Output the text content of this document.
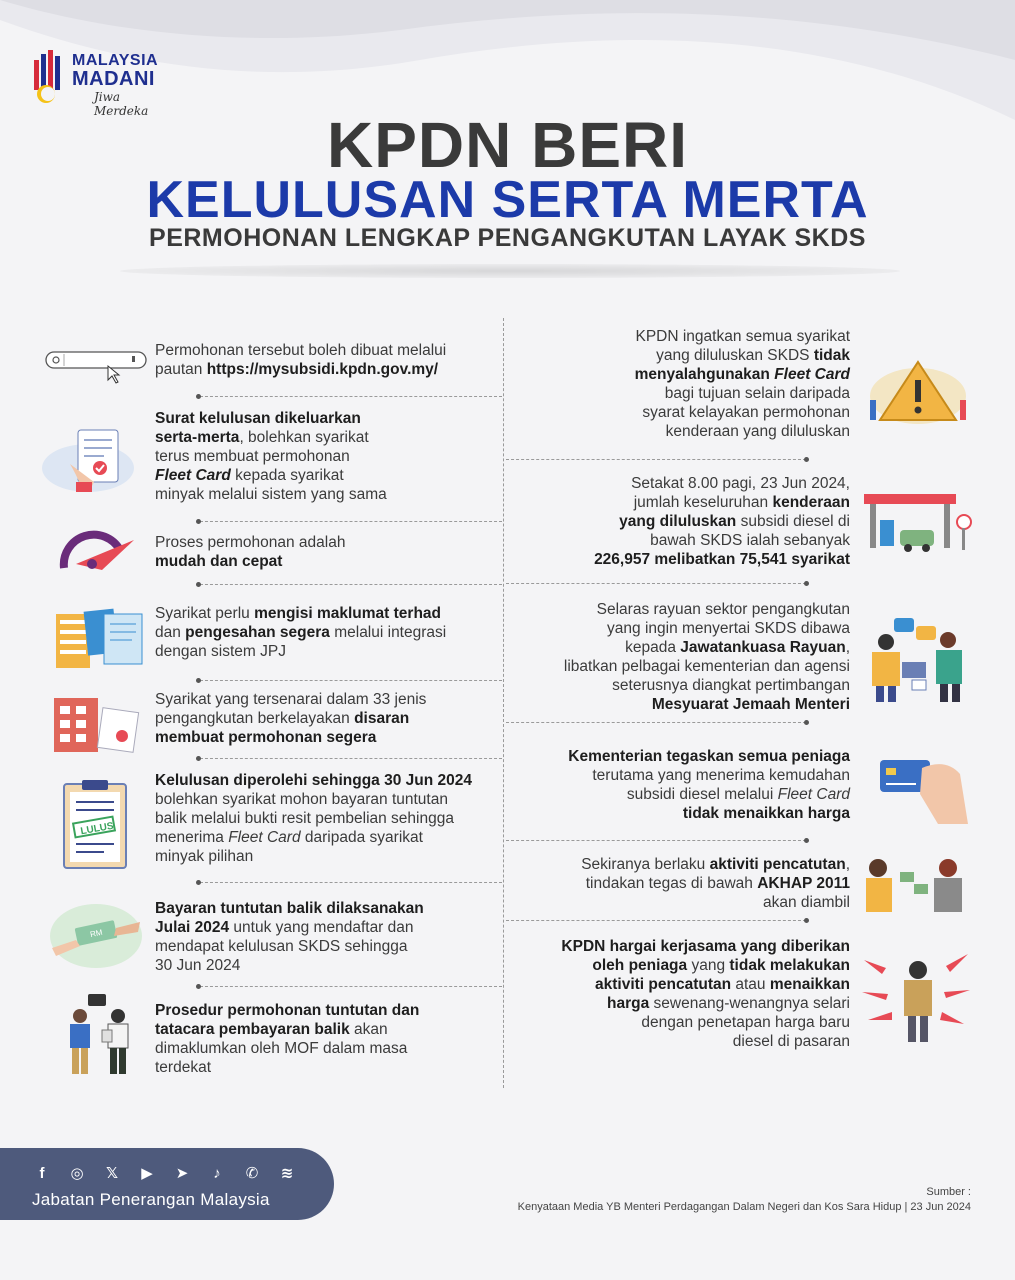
MALAYSIA
MADANI
Jiwa Merdeka	KPDN BERI
KELULUSAN SERTA MERTA
PERMOHONAN LENGKAP PENGANGKUTAN LAYAK SKDS
Permohonan tersebut boleh dibuat melalui
pautan https://mysubsidi.kpdn.gov.my/
Surat kelulusan dikeluarkan
serta-merta, bolehkan syarikat
terus membuat permohonan
Fleet Card kepada syarikat
minyak melalui sistem yang sama
Proses permohonan adalah
mudah dan cepat
Syarikat perlu mengisi maklumat terhad
dan pengesahan segera melalui integrasi
dengan sistem JPJ
Syarikat yang tersenarai dalam 33 jenis
pengangkutan berkelayakan disaran
membuat permohonan segera
LULUS
Kelulusan diperolehi sehingga 30 Jun 2024
bolehkan syarikat mohon bayaran tuntutan
balik melalui bukti resit pembelian sehingga
menerima Fleet Card daripada syarikat
minyak pilihan
RM
Bayaran tuntutan balik dilaksanakan
Julai 2024 untuk yang mendaftar dan
mendapat kelulusan SKDS sehingga
30 Jun 2024
Prosedur permohonan tuntutan dan
tatacara pembayaran balik akan
dimaklumkan oleh MOF dalam masa
terdekat
KPDN ingatkan semua syarikat
yang diluluskan SKDS tidak
menyalahgunakan Fleet Card
bagi tujuan selain daripada
syarat kelayakan permohonan
kenderaan yang diluluskan
Setakat 8.00 pagi, 23 Jun 2024,
jumlah keseluruhan kenderaan
yang diluluskan subsidi diesel di
bawah SKDS ialah sebanyak
226,957 melibatkan 75,541 syarikat
Selaras rayuan sektor pengangkutan
yang ingin menyertai SKDS dibawa
kepada Jawatankuasa Rayuan,
libatkan pelbagai kementerian dan agensi
seterusnya diangkat pertimbangan
Mesyuarat Jemaah Menteri
Kementerian tegaskan semua peniaga
terutama yang menerima kemudahan
subsidi diesel melalui Fleet Card
tidak menaikkan harga
Sekiranya berlaku aktiviti pencatutan,
tindakan tegas di bawah AKHAP 2011
akan diambil
KPDN hargai kerjasama yang diberikan
oleh peniaga yang tidak melakukan
aktiviti pencatutan atau menaikkan
harga sewenang-wenangnya selari
dengan penetapan harga baru
diesel di pasaran
f	◎	𝕏	▶	➤	♪	✆	≋
Jabatan Penerangan Malaysia	Sumber :
Kenyataan Media YB Menteri Perdagangan Dalam Negeri dan Kos Sara Hidup | 23 Jun 2024
